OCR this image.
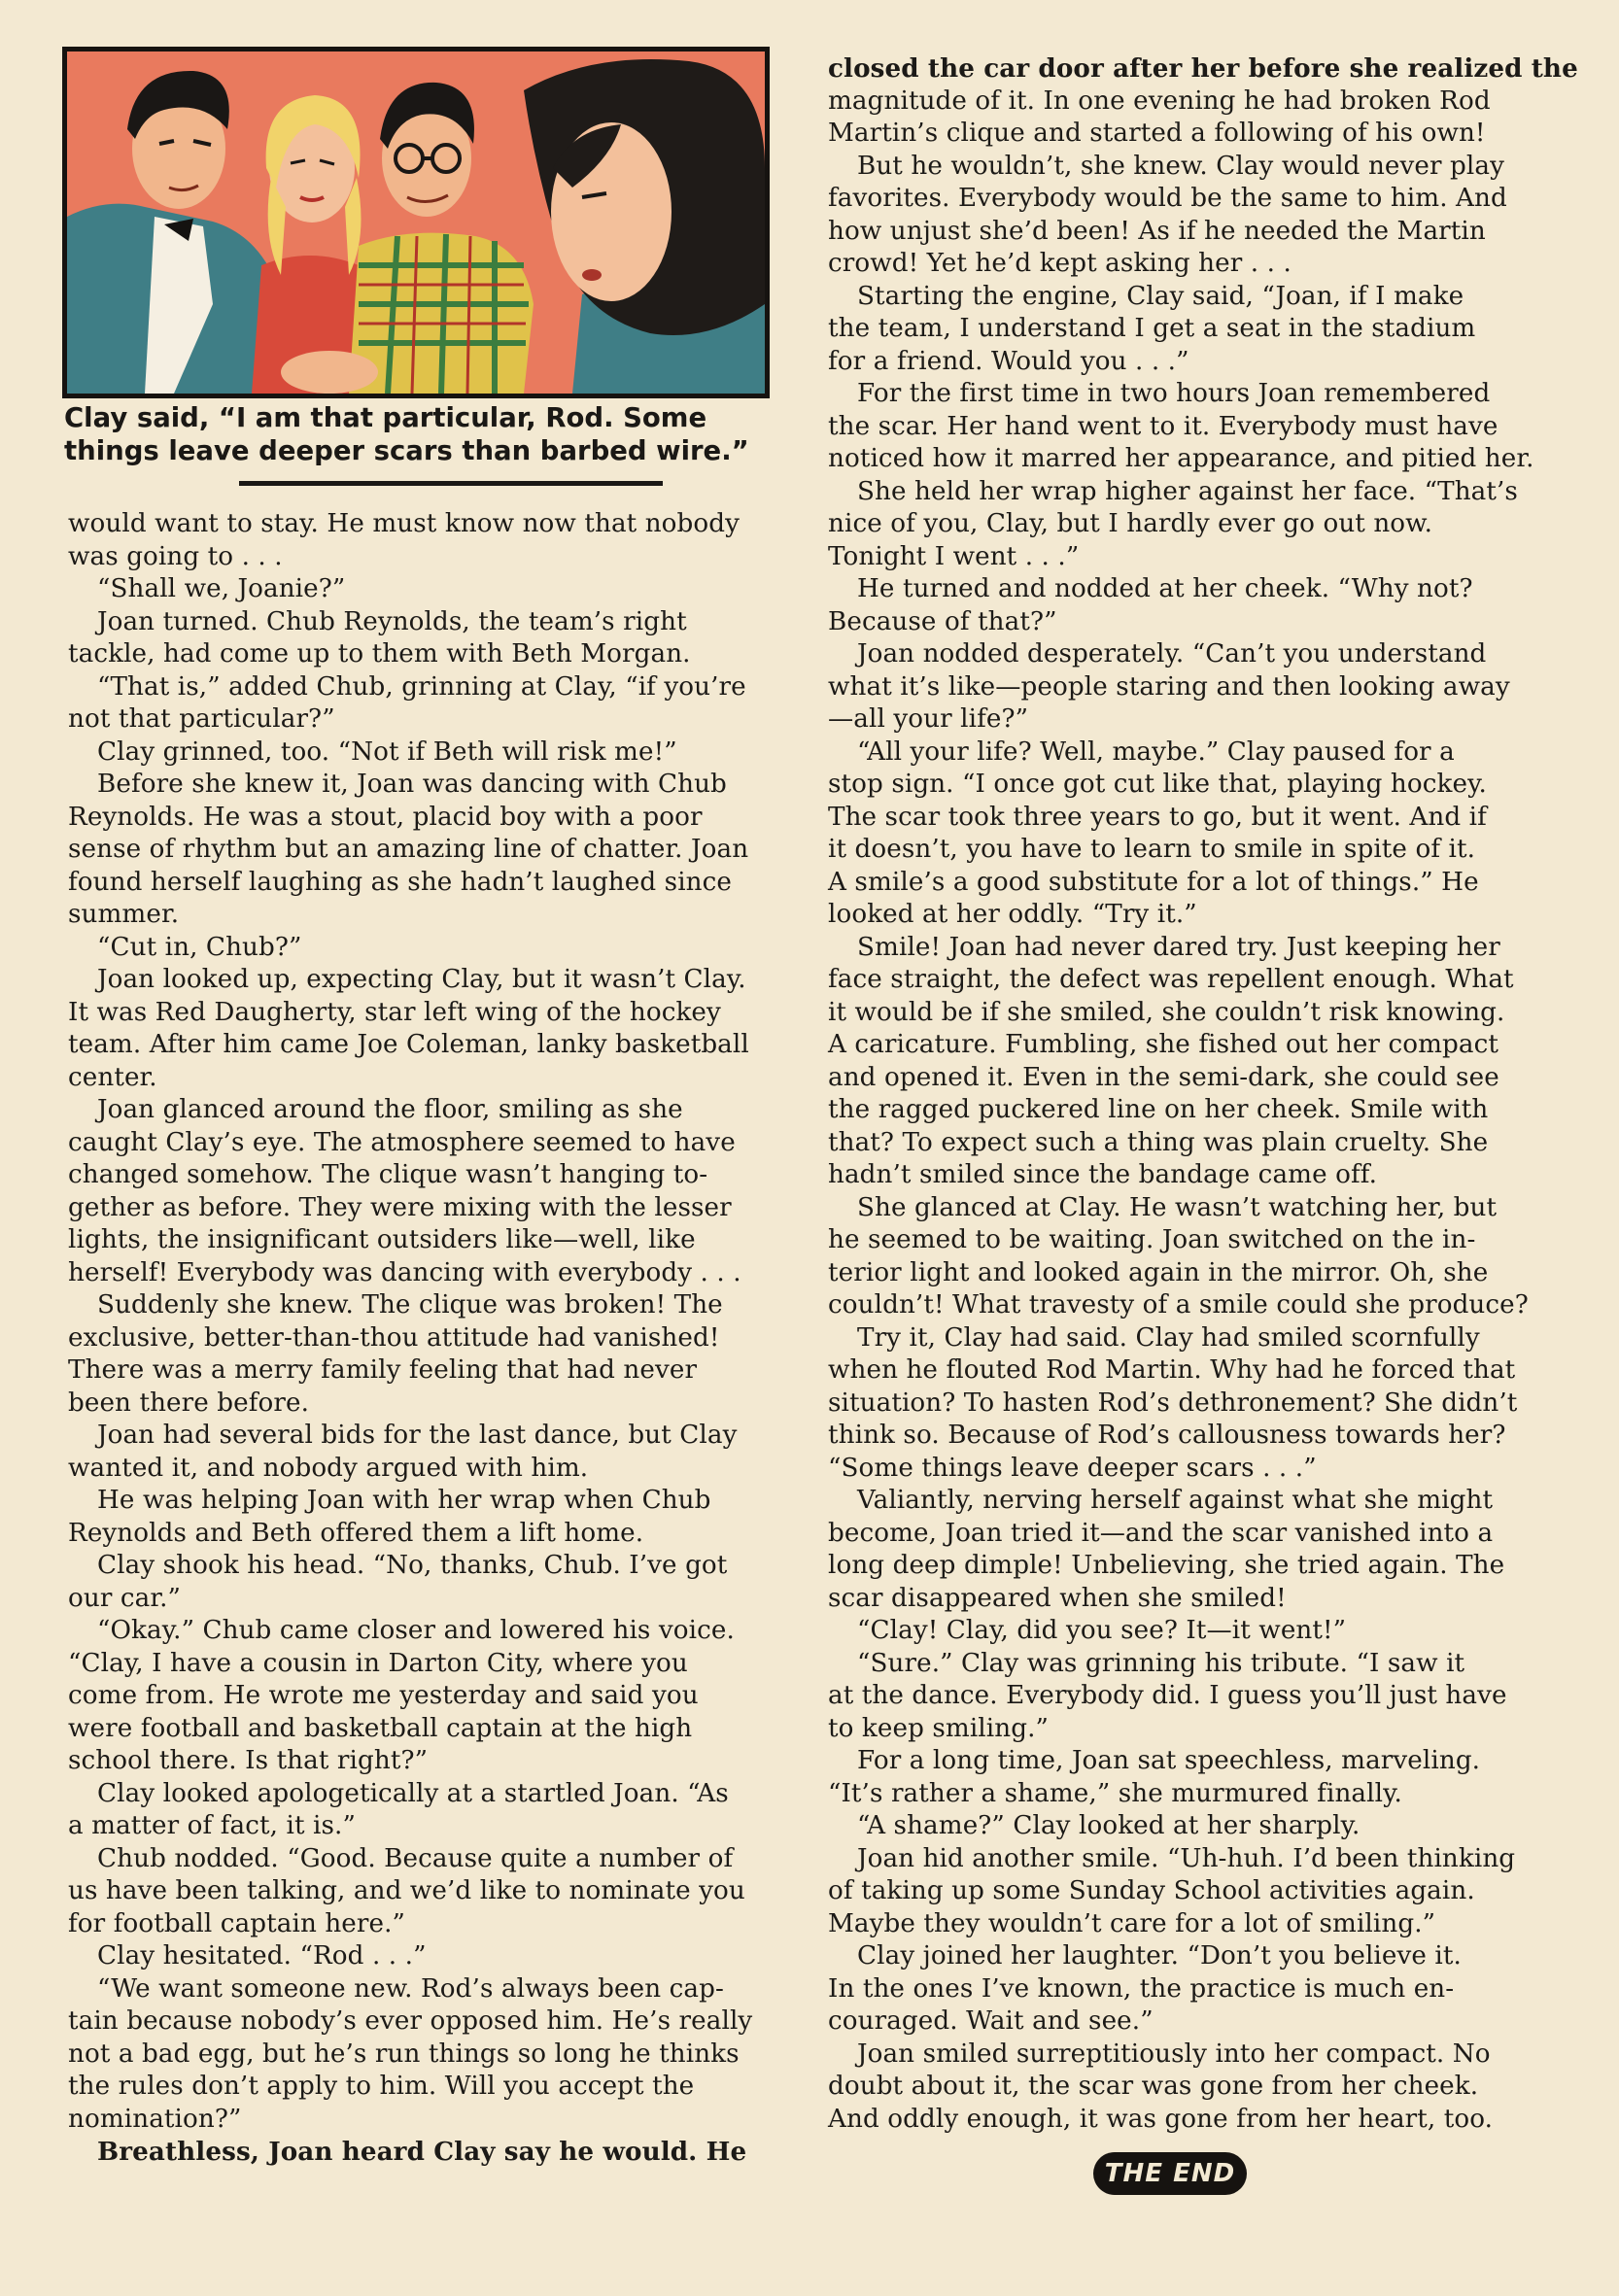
Clay said, “I am that particular, Rod. Some
things leave deeper scars than barbed wire.”

would want to stay. He must know now that nobody

was going to . . .

“Shall we, Joanie?”

Joan turned. Chub Reynolds, the team’s right

tackle, had come up to them with Beth Morgan.

“That is,” added Chub, grinning at Clay, “if you’re

not that particular?”

Clay grinned, too. “Not if Beth will risk me!”

Before she knew it, Joan was dancing with Chub

Reynolds. He was a stout, placid boy with a poor

sense of rhythm but an amazing line of chatter. Joan

found herself laughing as she hadn’t laughed since

summer.

“Cut in, Chub?”

Joan looked up, expecting Clay, but it wasn’t Clay.

It was Red Daugherty, star left wing of the hockey

team. After him came Joe Coleman, lanky basketball

center.

Joan glanced around the floor, smiling as she

caught Clay’s eye. The atmosphere seemed to have

changed somehow. The clique wasn’t hanging to-

gether as before. They were mixing with the lesser

lights, the insignificant outsiders like—well, like

herself! Everybody was dancing with everybody . . .

Suddenly she knew. The clique was broken! The

exclusive, better-than-thou attitude had vanished!

There was a merry family feeling that had never

been there before.

Joan had several bids for the last dance, but Clay

wanted it, and nobody argued with him.

He was helping Joan with her wrap when Chub

Reynolds and Beth offered them a lift home.

Clay shook his head. “No, thanks, Chub. I’ve got

our car.”

“Okay.” Chub came closer and lowered his voice.

“Clay, I have a cousin in Darton City, where you

come from. He wrote me yesterday and said you

were football and basketball captain at the high

school there. Is that right?”

Clay looked apologetically at a startled Joan. “As

a matter of fact, it is.”

Chub nodded. “Good. Because quite a number of

us have been talking, and we’d like to nominate you

for football captain here.”

Clay hesitated. “Rod . . .”

“We want someone new. Rod’s always been cap-

tain because nobody’s ever opposed him. He’s really

not a bad egg, but he’s run things so long he thinks

the rules don’t apply to him. Will you accept the

nomination?”

Breathless, Joan heard Clay say he would. He

closed the car door after her before she realized the

magnitude of it. In one evening he had broken Rod

Martin’s clique and started a following of his own!

But he wouldn’t, she knew. Clay would never play

favorites. Everybody would be the same to him. And

how unjust she’d been! As if he needed the Martin

crowd! Yet he’d kept asking her . . .

Starting the engine, Clay said, “Joan, if I make

the team, I understand I get a seat in the stadium

for a friend. Would you . . .”

For the first time in two hours Joan remembered

the scar. Her hand went to it. Everybody must have

noticed how it marred her appearance, and pitied her.

She held her wrap higher against her face. “That’s

nice of you, Clay, but I hardly ever go out now.

Tonight I went . . .”

He turned and nodded at her cheek. “Why not?

Because of that?”

Joan nodded desperately. “Can’t you understand

what it’s like—people staring and then looking away

—all your life?”

“All your life? Well, maybe.” Clay paused for a

stop sign. “I once got cut like that, playing hockey.

The scar took three years to go, but it went. And if

it doesn’t, you have to learn to smile in spite of it.

A smile’s a good substitute for a lot of things.” He

looked at her oddly. “Try it.”

Smile! Joan had never dared try. Just keeping her

face straight, the defect was repellent enough. What

it would be if she smiled, she couldn’t risk knowing.

A caricature. Fumbling, she fished out her compact

and opened it. Even in the semi-dark, she could see

the ragged puckered line on her cheek. Smile with

that? To expect such a thing was plain cruelty. She

hadn’t smiled since the bandage came off.

She glanced at Clay. He wasn’t watching her, but

he seemed to be waiting. Joan switched on the in-

terior light and looked again in the mirror. Oh, she

couldn’t! What travesty of a smile could she produce?

Try it, Clay had said. Clay had smiled scornfully

when he flouted Rod Martin. Why had he forced that

situation? To hasten Rod’s dethronement? She didn’t

think so. Because of Rod’s callousness towards her?

“Some things leave deeper scars . . .”

Valiantly, nerving herself against what she might

become, Joan tried it—and the scar vanished into a

long deep dimple! Unbelieving, she tried again. The

scar disappeared when she smiled!

“Clay! Clay, did you see? It—it went!”

“Sure.” Clay was grinning his tribute. “I saw it

at the dance. Everybody did. I guess you’ll just have

to keep smiling.”

For a long time, Joan sat speechless, marveling.

“It’s rather a shame,” she murmured finally.

“A shame?” Clay looked at her sharply.

Joan hid another smile. “Uh-huh. I’d been thinking

of taking up some Sunday School activities again.

Maybe they wouldn’t care for a lot of smiling.”

Clay joined her laughter. “Don’t you believe it.

In the ones I’ve known, the practice is much en-

couraged. Wait and see.”

Joan smiled surreptitiously into her compact. No

doubt about it, the scar was gone from her cheek.

And oddly enough, it was gone from her heart, too.

THE END
